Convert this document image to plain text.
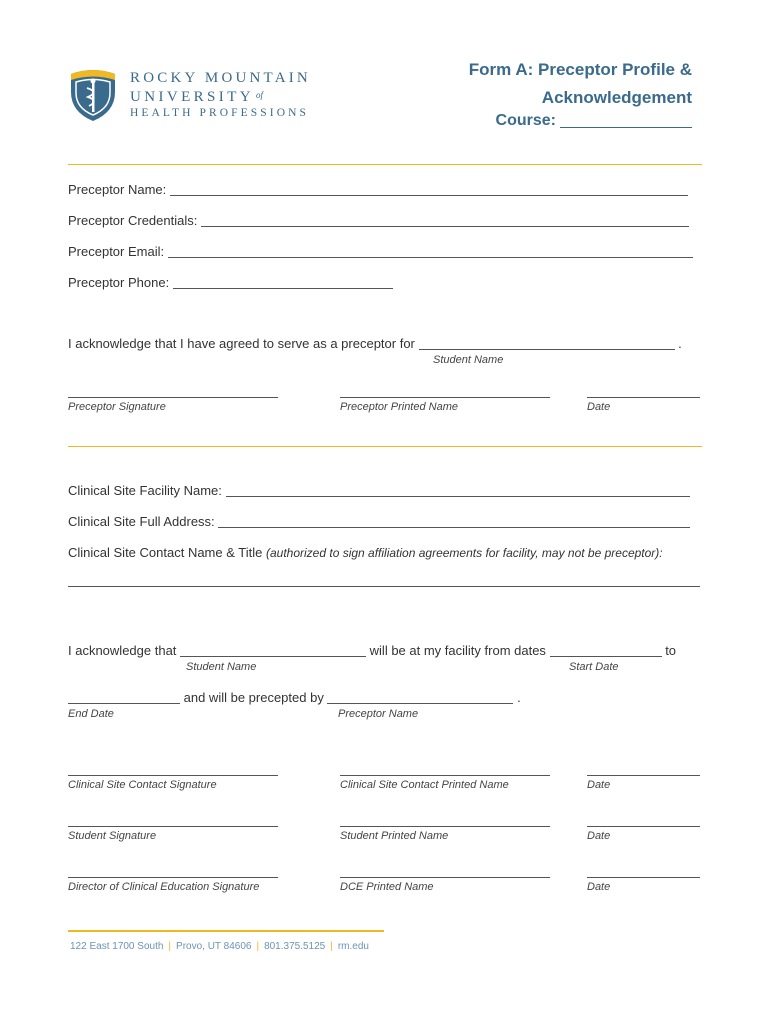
ROCKY MOUNTAIN
UNIVERSITY $^{of}$
HEALTH PROFESSIONS
Form A: Preceptor Profile &
Acknowledgement
Course:
Preceptor Name:
Preceptor Credentials:
Preceptor Email:
Preceptor Phone:
I acknowledge that I have agreed to serve as a preceptor for	.
Student Name
Preceptor Signature	Preceptor Printed Name	Date
Clinical Site Facility Name:
Clinical Site Full Address:
Clinical Site Contact Name & Title (authorized to sign affiliation agreements for facility, may not be preceptor):
I acknowledge that	will be at my facility from dates	to
Student Name	Start Date
and will be precepted by	.
End Date	Preceptor Name
Clinical Site Contact Signature	Clinical Site Contact Printed Name	Date
Student Signature	Student Printed Name	Date
Director of Clinical Education Signature	DCE Printed Name	Date
122 East 1700 South | Provo, UT 84606 | 801.375.5125 | rm.edu
